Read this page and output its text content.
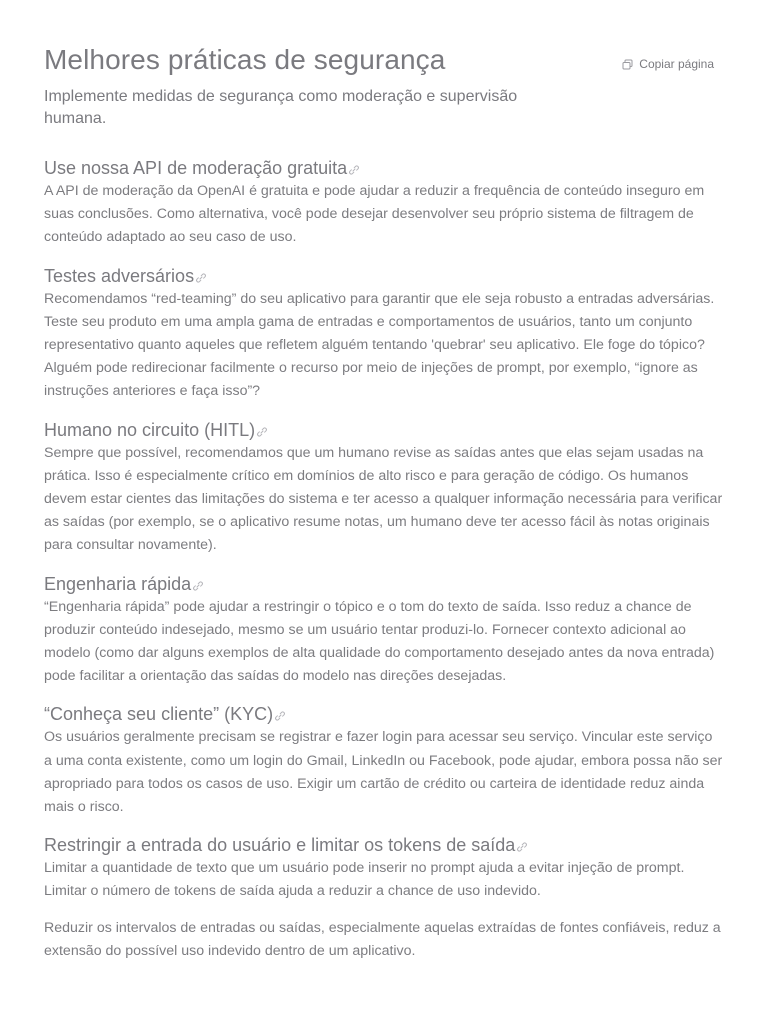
Melhores práticas de segurança	Copiar página

Implemente medidas de segurança como moderação e supervisão humana.

Use nossa API de moderação gratuita

A API de moderação da OpenAI é gratuita e pode ajudar a reduzir a frequência de conteúdo inseguro em suas conclusões. Como alternativa, você pode desejar desenvolver seu próprio sistema de filtragem de conteúdo adaptado ao seu caso de uso.

Testes adversários

Recomendamos “red-teaming” do seu aplicativo para garantir que ele seja robusto a entradas adversárias. Teste seu produto em uma ampla gama de entradas e comportamentos de usuários, tanto um conjunto representativo quanto aqueles que refletem alguém tentando 'quebrar' seu aplicativo. Ele foge do tópico? Alguém pode redirecionar facilmente o recurso por meio de injeções de prompt, por exemplo, “ignore as instruções anteriores e faça isso”?

Humano no circuito (HITL)

Sempre que possível, recomendamos que um humano revise as saídas antes que elas sejam usadas na prática. Isso é especialmente crítico em domínios de alto risco e para geração de código. Os humanos devem estar cientes das limitações do sistema e ter acesso a qualquer informação necessária para verificar as saídas (por exemplo, se o aplicativo resume notas, um humano deve ter acesso fácil às notas originais para consultar novamente).

Engenharia rápida

“Engenharia rápida” pode ajudar a restringir o tópico e o tom do texto de saída. Isso reduz a chance de produzir conteúdo indesejado, mesmo se um usuário tentar produzi-lo. Fornecer contexto adicional ao modelo (como dar alguns exemplos de alta qualidade do comportamento desejado antes da nova entrada) pode facilitar a orientação das saídas do modelo nas direções desejadas.

“Conheça seu cliente” (KYC)

Os usuários geralmente precisam se registrar e fazer login para acessar seu serviço. Vincular este serviço a uma conta existente, como um login do Gmail, LinkedIn ou Facebook, pode ajudar, embora possa não ser apropriado para todos os casos de uso. Exigir um cartão de crédito ou carteira de identidade reduz ainda mais o risco.

Restringir a entrada do usuário e limitar os tokens de saída

Limitar a quantidade de texto que um usuário pode inserir no prompt ajuda a evitar injeção de prompt. Limitar o número de tokens de saída ajuda a reduzir a chance de uso indevido.

Reduzir os intervalos de entradas ou saídas, especialmente aquelas extraídas de fontes confiáveis, reduz a extensão do possível uso indevido dentro de um aplicativo.
